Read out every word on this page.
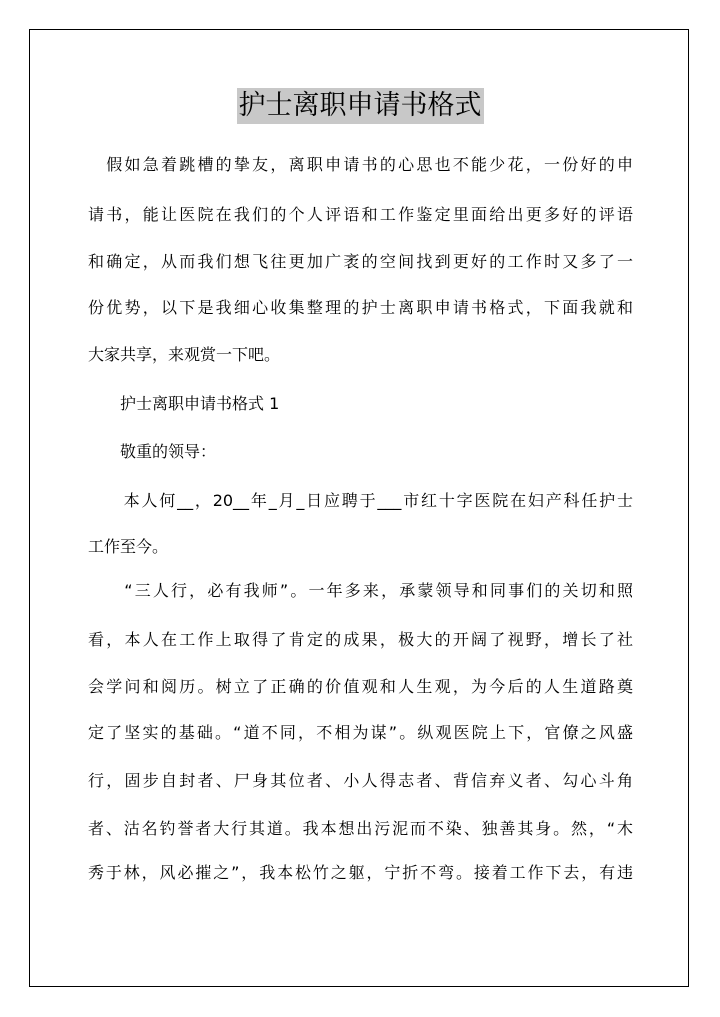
护士离职申请书格式
　假如急着跳槽的挚友，离职申请书的心思也不能少花，一份好的申
请书，能让医院在我们的个人评语和工作鉴定里面给出更多好的评语
和确定，从而我们想飞往更加广袤的空间找到更好的工作时又多了一
份优势，以下是我细心收集整理的护士离职申请书格式，下面我就和
大家共享，来观赏一下吧。
　　护士离职申请书格式 1
　　敬重的领导：
　　本人何__，20__年_月_日应聘于___市红十字医院在妇产科任护士
工作至今。
　　“三人行，必有我师”。一年多来，承蒙领导和同事们的关切和照
看，本人在工作上取得了肯定的成果，极大的开阔了视野，增长了社
会学问和阅历。树立了正确的价值观和人生观，为今后的人生道路奠
定了坚实的基础。“道不同，不相为谋”。纵观医院上下，官僚之风盛
行，固步自封者、尸身其位者、小人得志者、背信弃义者、勾心斗角
者、沽名钓誉者大行其道。我本想出污泥而不染、独善其身。然，“木
秀于林，风必摧之”，我本松竹之躯，宁折不弯。接着工作下去，有违
